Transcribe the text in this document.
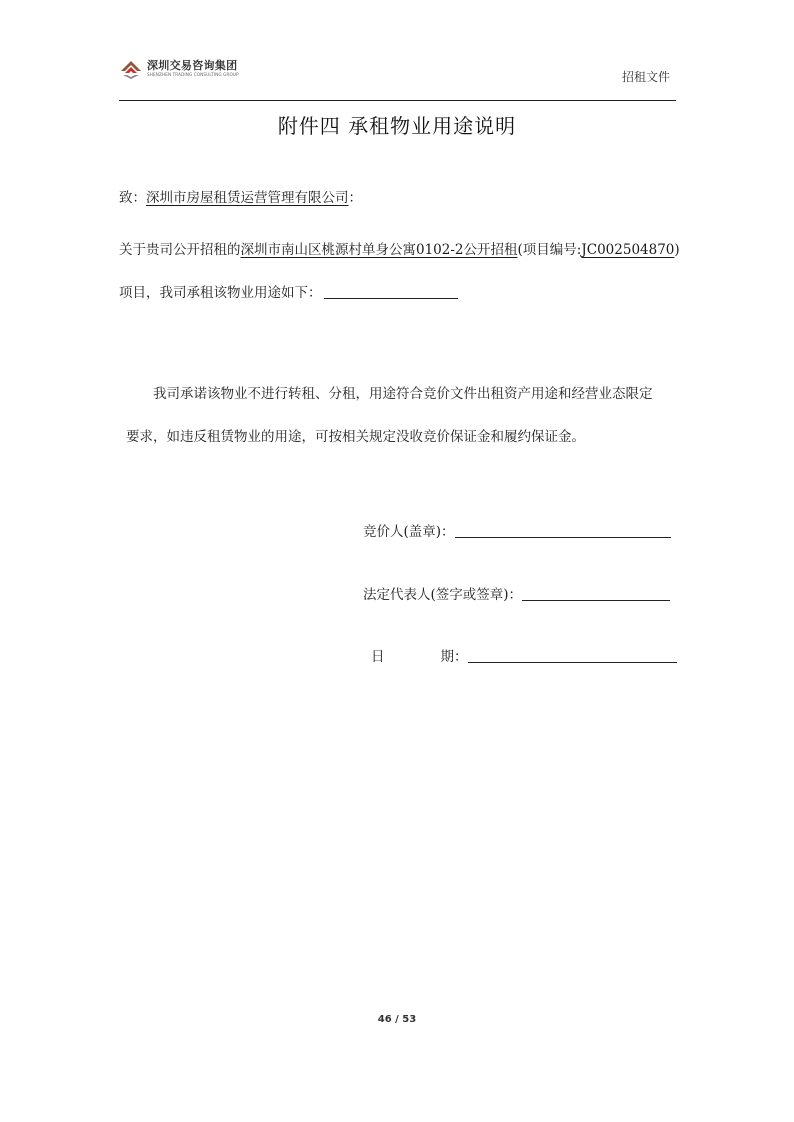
深圳交易咨询集团
SHENZHEN TRADING CONSULTING GROUP	招租文件
附件四 承租物业用途说明
致：深圳市房屋租赁运营管理有限公司：
关于贵司公开招租的深圳市南山区桃源村单身公寓0102-2公开招租(项目编号:JC002504870)
项目，我司承租该物业用途如下：
我司承诺该物业不进行转租、分租，用途符合竞价文件出租资产用途和经营业态限定
要求，如违反租赁物业的用途，可按相关规定没收竞价保证金和履约保证金。
竞价人(盖章)：
法定代表人(签字或签章)：
日	期：
46 / 53
